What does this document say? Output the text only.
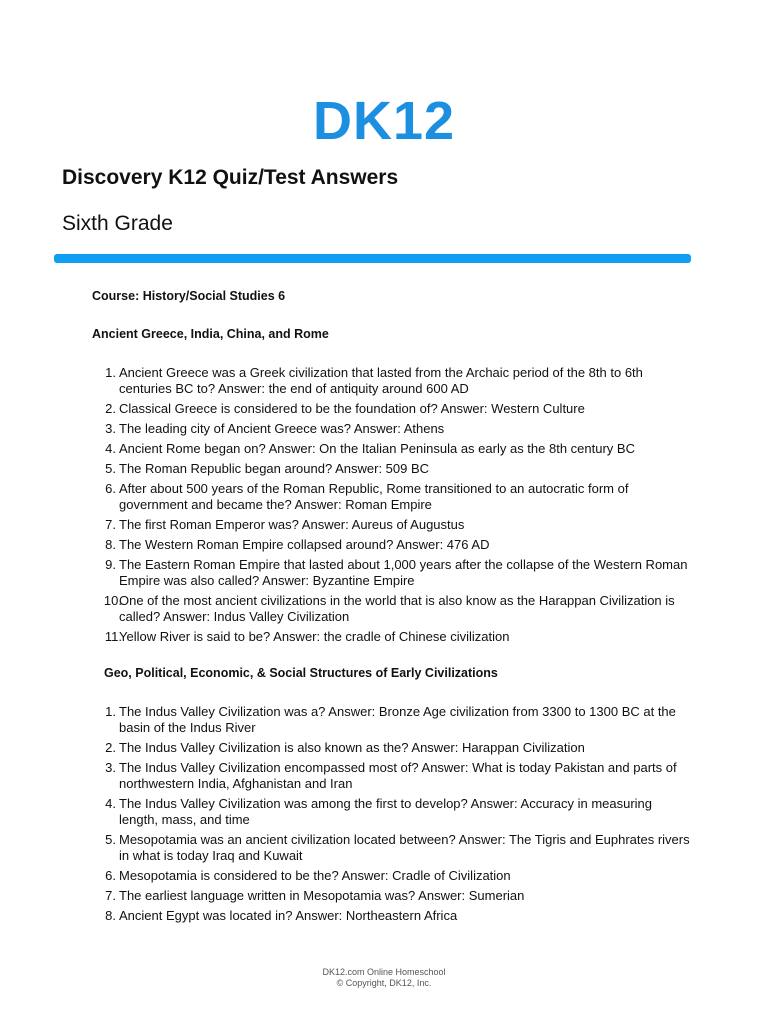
DK12
Discovery K12 Quiz/Test Answers
Sixth Grade

Course: History/Social Studies 6

Ancient Greece, India, China, and Rome

1. Ancient Greece was a Greek civilization that lasted from the Archaic period of the 8th to 6th centuries BC to? Answer: the end of antiquity around 600 AD
2. Classical Greece is considered to be the foundation of? Answer: Western Culture
3. The leading city of Ancient Greece was? Answer: Athens
4. Ancient Rome began on? Answer: On the Italian Peninsula as early as the 8th century BC
5. The Roman Republic began around? Answer: 509 BC
6. After about 500 years of the Roman Republic, Rome transitioned to an autocratic form of government and became the? Answer: Roman Empire
7. The first Roman Emperor was? Answer: Aureus of Augustus
8. The Western Roman Empire collapsed around? Answer: 476 AD
9. The Eastern Roman Empire that lasted about 1,000 years after the collapse of the Western Roman Empire was also called? Answer: Byzantine Empire
10.
One of the most ancient civilizations in the world that is also know as the Harappan Civilization is called? Answer: Indus Valley Civilization
11.
Yellow River is said to be? Answer: the cradle of Chinese civilization

Geo, Political, Economic, & Social Structures of Early Civilizations

1. The Indus Valley Civilization was a? Answer: Bronze Age civilization from 3300 to 1300 BC at the basin of the Indus River
2. The Indus Valley Civilization is also known as the? Answer: Harappan Civilization
3. The Indus Valley Civilization encompassed most of? Answer: What is today Pakistan and parts of northwestern India, Afghanistan and Iran
4. The Indus Valley Civilization was among the first to develop? Answer: Accuracy in measuring length, mass, and time
5. Mesopotamia was an ancient civilization located between? Answer: The Tigris and Euphrates rivers in what is today Iraq and Kuwait
6. Mesopotamia is considered to be the? Answer: Cradle of Civilization
7. The earliest language written in Mesopotamia was? Answer: Sumerian
8. Ancient Egypt was located in? Answer: Northeastern Africa
DK12.com Online Homeschool
© Copyright, DK12, Inc.
